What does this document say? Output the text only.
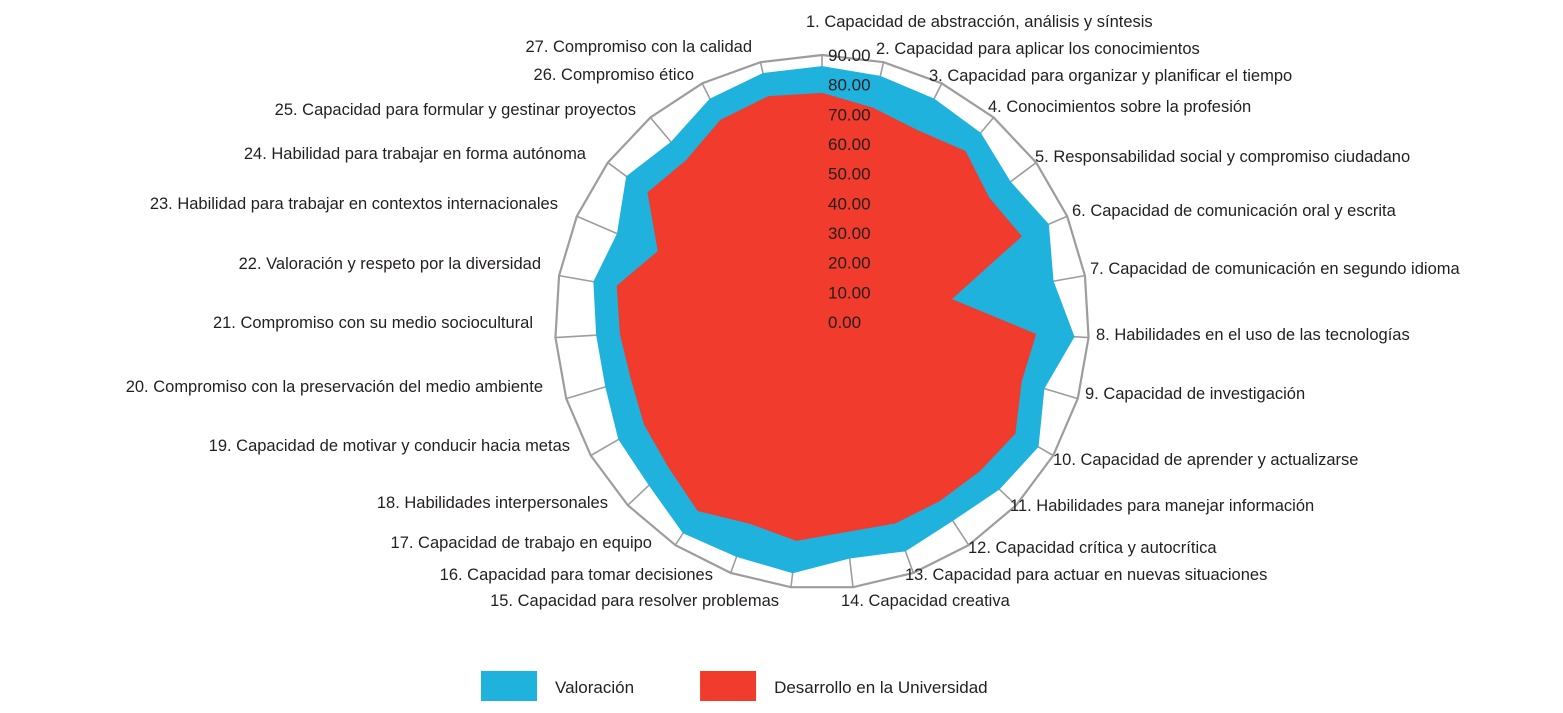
0.00
10.00
20.00
30.00
40.00
50.00
60.00
70.00
80.00
90.00
1. Capacidad de abstracción, análisis y síntesis
2. Capacidad para aplicar los conocimientos
3. Capacidad para organizar y planificar el tiempo
4. Conocimientos sobre la profesión
5. Responsabilidad social y compromiso ciudadano
6. Capacidad de comunicación oral y escrita
7. Capacidad de comunicación en segundo idioma
8. Habilidades en el uso de las tecnologías
9. Capacidad de investigación
10. Capacidad de aprender y actualizarse
11. Habilidades para manejar información
12. Capacidad crítica y autocrítica
13. Capacidad para actuar en nuevas situaciones
14. Capacidad creativa
15. Capacidad para resolver problemas
16. Capacidad para tomar decisiones
17. Capacidad de trabajo en equipo
18. Habilidades interpersonales
19. Capacidad de motivar y conducir hacia metas
20. Compromiso con la preservación del medio ambiente
21. Compromiso con su medio sociocultural
22. Valoración y respeto por la diversidad
23. Habilidad para trabajar en contextos internacionales
24. Habilidad para trabajar en forma autónoma
25. Capacidad para formular y gestinar proyectos
26. Compromiso ético
27. Compromiso con la calidad
Valoración	Desarrollo en la Universidad
